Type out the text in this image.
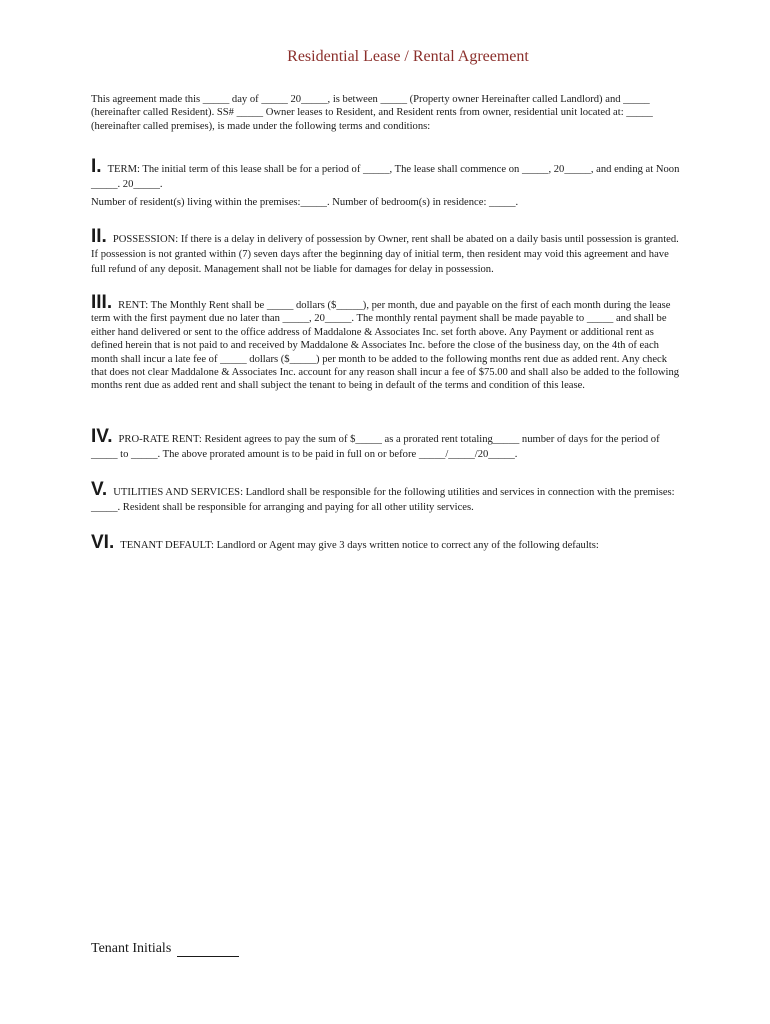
Residential Lease / Rental Agreement

This agreement made this _____ day of _____ 20_____, is between _____ (Property owner Hereinafter called Landlord) and _____ (hereinafter called Resident). SS# _____ Owner leases to Resident, and Resident rents from owner, residential unit located at: _____ (hereinafter called premises), is made under the following terms and conditions:

I. TERM: The initial term of this lease shall be for a period of _____, The lease shall commence on _____, 20_____, and ending at Noon _____. 20_____.
Number of resident(s) living within the premises:_____. Number of bedroom(s) in residence: _____.
II. POSSESSION: If there is a delay in delivery of possession by Owner, rent shall be abated on a daily basis until possession is granted. If possession is not granted within (7) seven days after the beginning day of initial term, then resident may void this agreement and have full refund of any deposit. Management shall not be liable for damages for delay in possession.
III. RENT: The Monthly Rent shall be _____ dollars ($_____), per month, due and payable on the first of each month during the lease term with the first payment due no later than _____, 20_____. The monthly rental payment shall be made payable to _____ and shall be either hand delivered or sent to the office address of Maddalone & Associates Inc. set forth above. Any Payment or additional rent as defined herein that is not paid to and received by Maddalone & Associates Inc. before the close of the business day, on the 4th of each month shall incur a late fee of _____ dollars ($_____) per month to be added to the following months rent due as added rent. Any check that does not clear Maddalone & Associates Inc. account for any reason shall incur a fee of $75.00 and shall also be added to the following months rent due as added rent and shall subject the tenant to being in default of the terms and condition of this lease.
IV. PRO-RATE RENT: Resident agrees to pay the sum of $_____ as a prorated rent totaling_____ number of days for the period of _____ to _____. The above prorated amount is to be paid in full on or before _____/_____/20_____.
V. UTILITIES AND SERVICES: Landlord shall be responsible for the following utilities and services in connection with the premises: _____. Resident shall be responsible for arranging and paying for all other utility services.
VI. TENANT DEFAULT: Landlord or Agent may give 3 days written notice to correct any of the following defaults:
Tenant Initials
